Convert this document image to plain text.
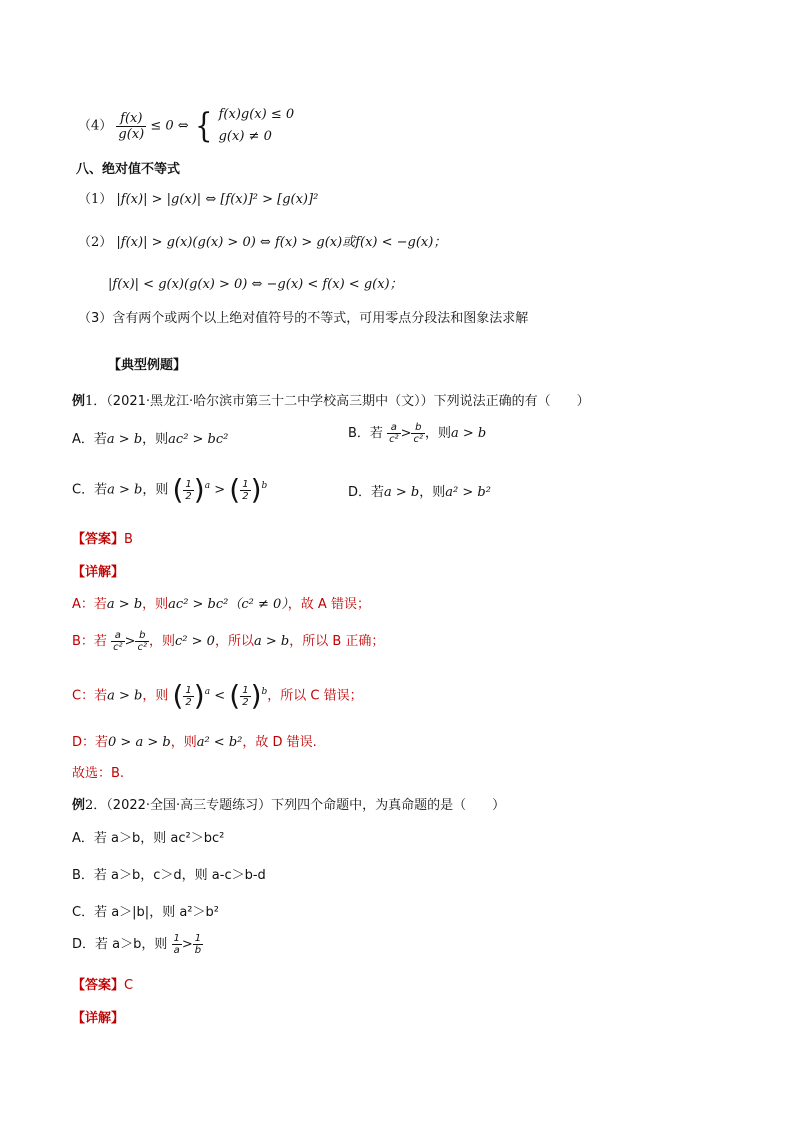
$(4) \frac{f(x)}{g(x)} \le 0$ ⇔ { f(x)g(x) ≤ 0
g(x) ≠ 0
八、绝对值不等式
（1） |f(x)| > |g(x)| ⇔ [f(x)]² > [g(x)]²
（2） |f(x)| > g(x)(g(x) > 0) ⇔ f(x) > g(x)或f(x) < −g(x)；
|f(x)| < g(x)(g(x) > 0) ⇔ −g(x) < f(x) < g(x)；
（3）含有两个或两个以上绝对值符号的不等式，可用零点分段法和图象法求解
【典型例题】
例1．（2021·黑龙江·哈尔滨市第三十二中学校高三期中（文））下列说法正确的有（　　）
A．若a > b，则ac² > bc²	B．若 $\frac{a}{\text{c²}} > \frac{b}{\text{c²}}$ ，则a > b
C．若a > b，则 ( $\frac{1}{2} )^a$ > ( $\frac{1}{2} )^b$	D．若a > b，则a² > b²
【答案】B
【详解】
A：若a > b，则ac² > bc²（c² ≠ 0），故 A 错误；
B：若 $\frac{a}{\text{c²}} > \frac{b}{\text{c²}}$ ，则c² > 0，所以a > b，所以 B 正确；
C：若a > b，则 ( $\frac{1}{2} )^a$ < ( $\frac{1}{2} )^b$，所以 C 错误；
D：若0 > a > b，则a² < b²，故 D 错误.
故选：B.
例2．（2022·全国·高三专题练习）下列四个命题中，为真命题的是（　　）
A．若 a＞b，则 ac²＞bc²
B．若 a＞b，c＞d，则 a-c＞b-d
C．若 a＞|b|，则 a²＞b²
D．若 a＞b，则 $\frac{1}{a} > \frac{1}{b}$
【答案】C
【详解】
